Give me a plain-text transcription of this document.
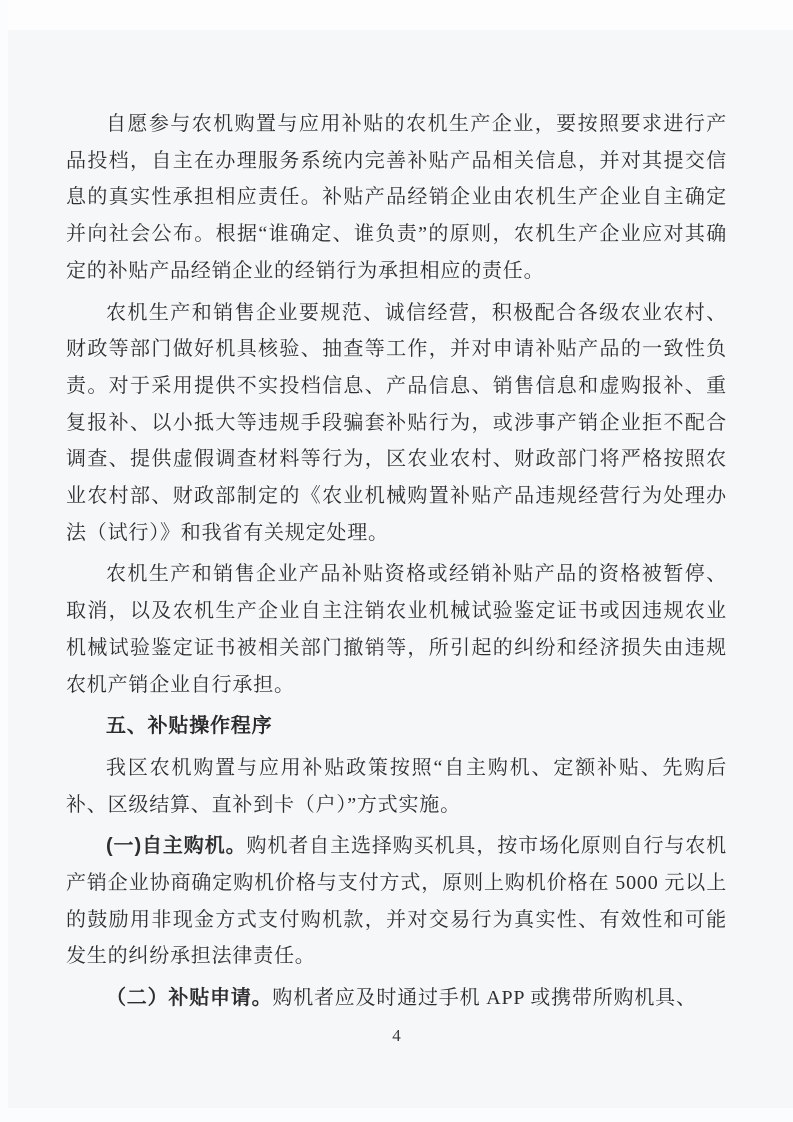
自愿参与农机购置与应用补贴的农机生产企业，要按照要求进行产品投档，自主在办理服务系统内完善补贴产品相关信息，并对其提交信息的真实性承担相应责任。补贴产品经销企业由农机生产企业自主确定并向社会公布。根据“谁确定、谁负责”的原则，农机生产企业应对其确定的补贴产品经销企业的经销行为承担相应的责任。

农机生产和销售企业要规范、诚信经营，积极配合各级农业农村、财政等部门做好机具核验、抽查等工作，并对申请补贴产品的一致性负责。对于采用提供不实投档信息、产品信息、销售信息和虚购报补、重复报补、以小抵大等违规手段骗套补贴行为，或涉事产销企业拒不配合调查、提供虚假调查材料等行为，区农业农村、财政部门将严格按照农业农村部、财政部制定的《农业机械购置补贴产品违规经营行为处理办法（试行）》和我省有关规定处理。

农机生产和销售企业产品补贴资格或经销补贴产品的资格被暂停、取消，以及农机生产企业自主注销农业机械试验鉴定证书或因违规农业机械试验鉴定证书被相关部门撤销等，所引起的纠纷和经济损失由违规农机产销企业自行承担。

五、补贴操作程序

我区农机购置与应用补贴政策按照“自主购机、定额补贴、先购后补、区级结算、直补到卡（户）”方式实施。

(一)自主购机。购机者自主选择购买机具，按市场化原则自行与农机产销企业协商确定购机价格与支付方式，原则上购机价格在 5000 元以上的鼓励用非现金方式支付购机款，并对交易行为真实性、有效性和可能发生的纠纷承担法律责任。

（二）补贴申请。购机者应及时通过手机 APP 或携带所购机具、

4
